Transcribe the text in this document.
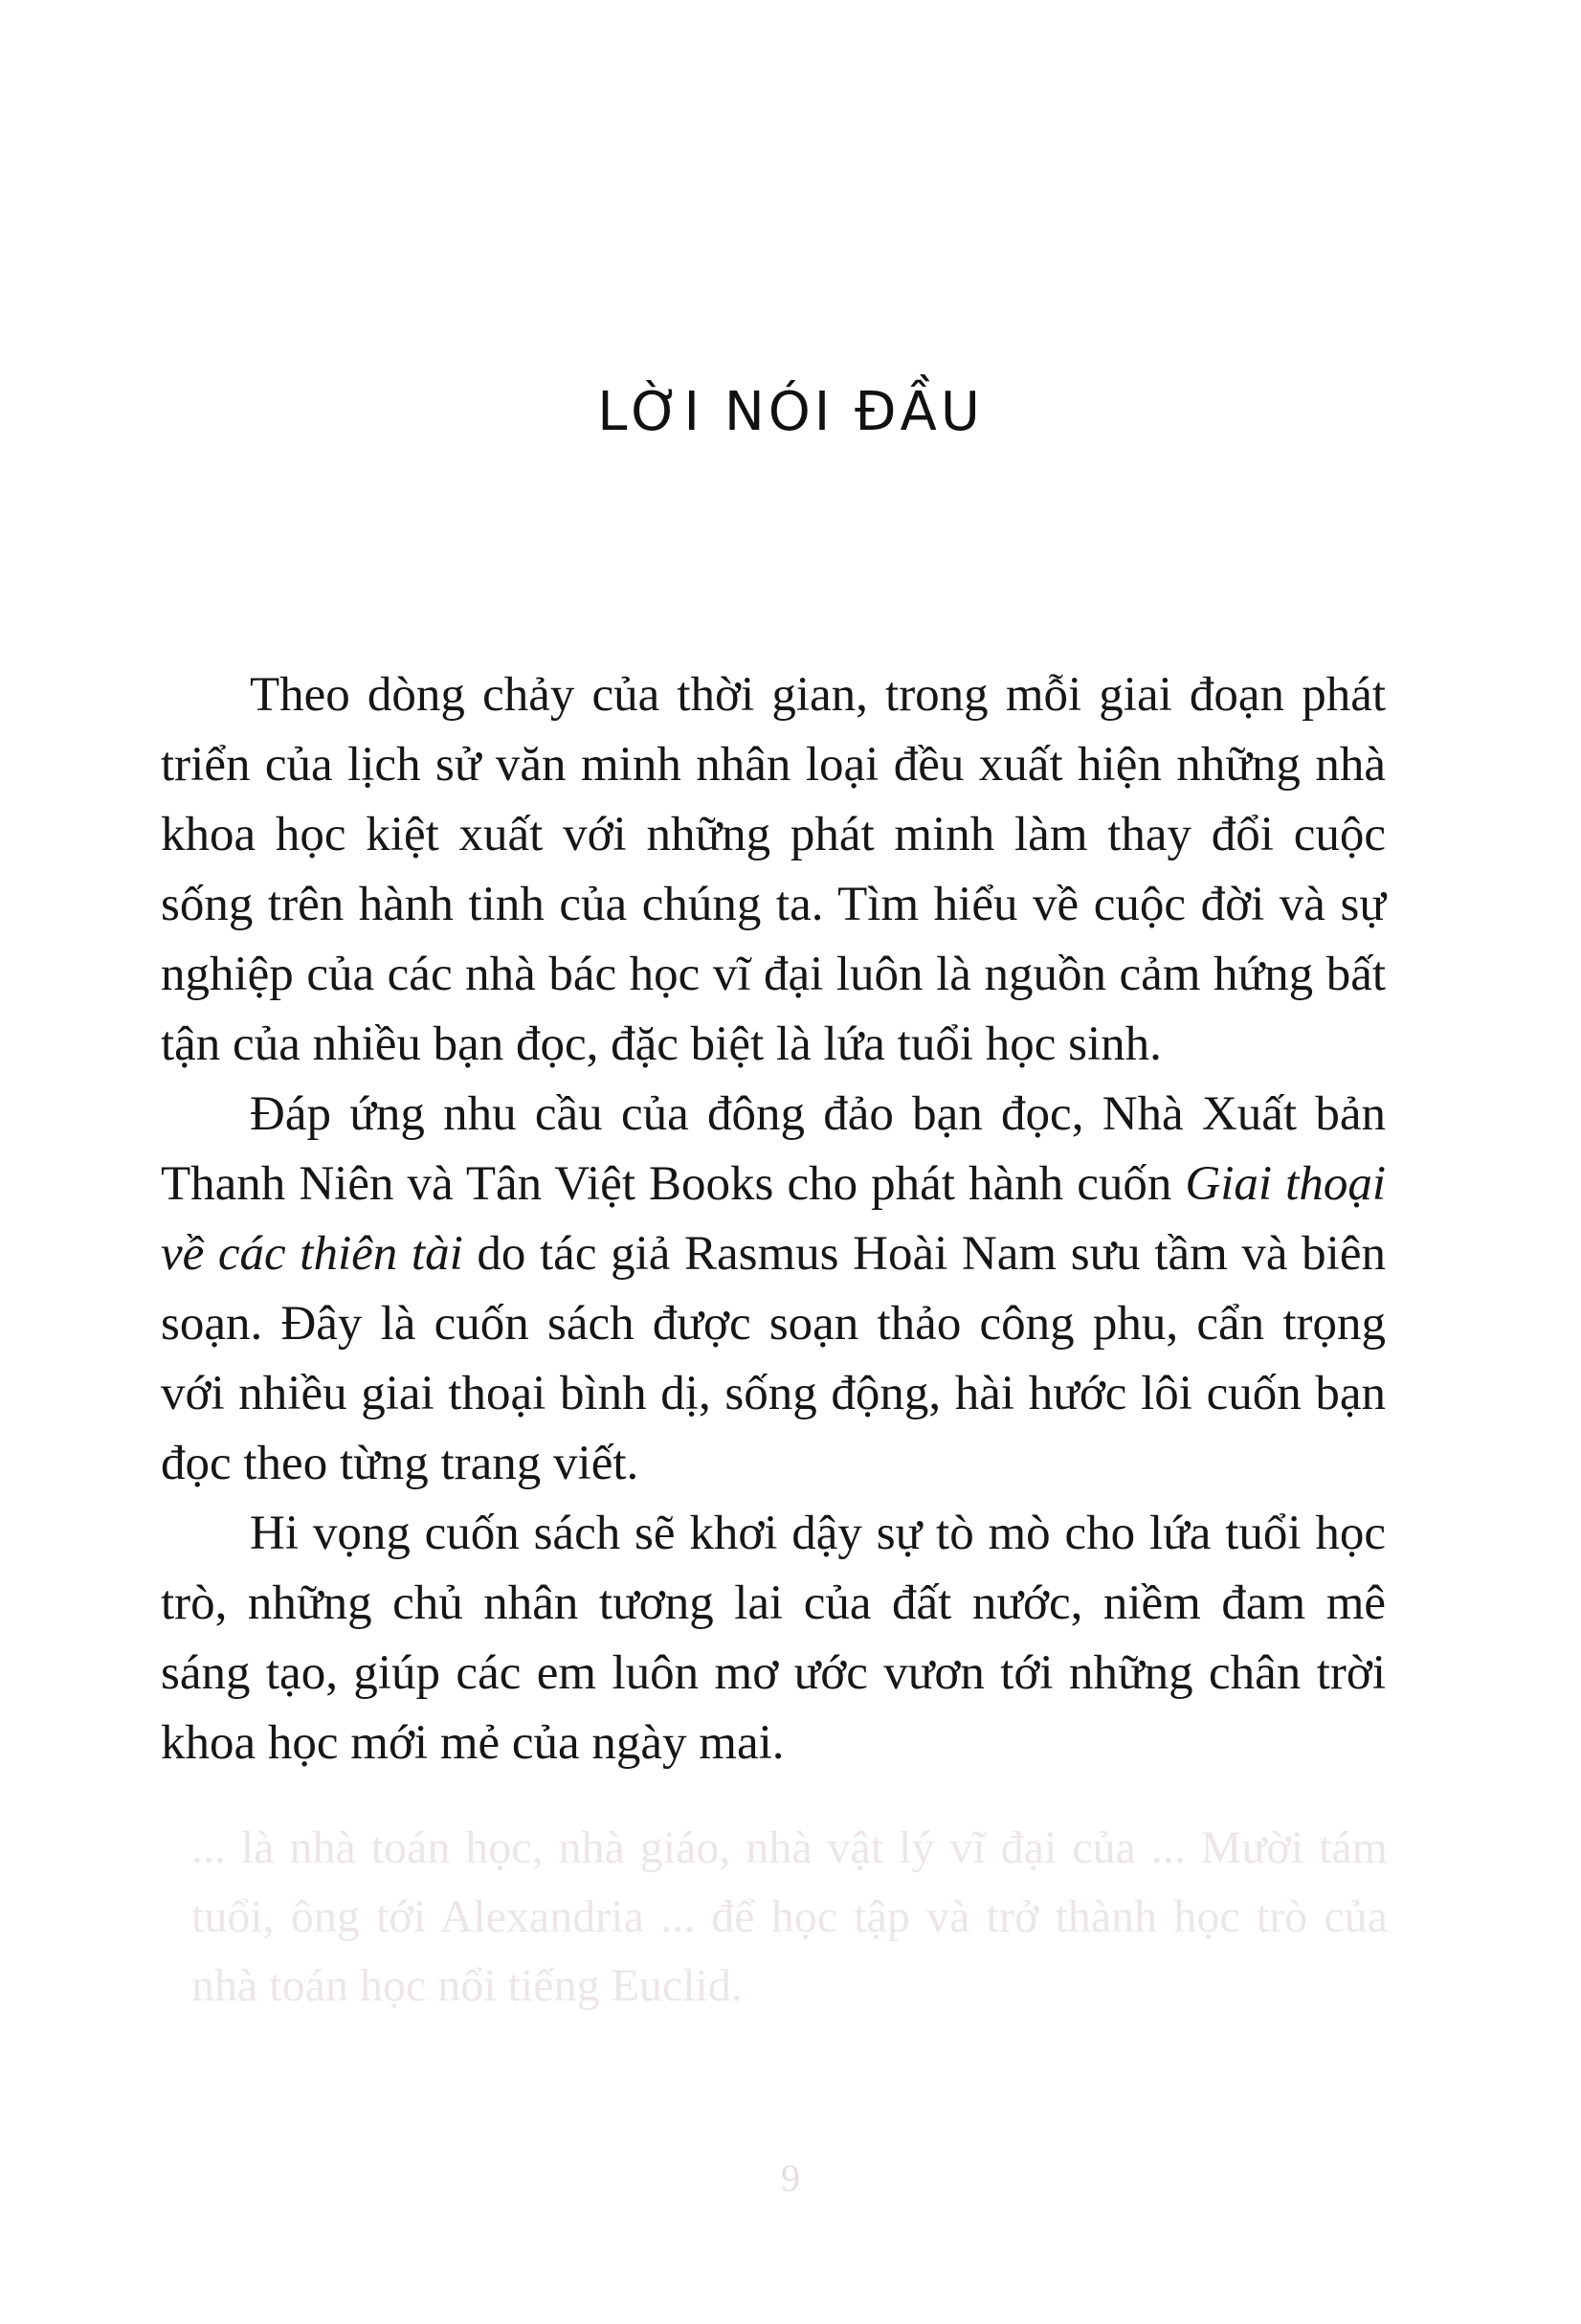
LỜI NÓI ĐẦU

Theo dòng chảy của thời gian, trong mỗi giai đoạn phát triển của lịch sử văn minh nhân loại đều xuất hiện những nhà khoa học kiệt xuất với những phát minh làm thay đổi cuộc sống trên hành tinh của chúng ta. Tìm hiểu về cuộc đời và sự nghiệp của các nhà bác học vĩ đại luôn là nguồn cảm hứng bất tận của nhiều bạn đọc, đặc biệt là lứa tuổi học sinh.

Đáp ứng nhu cầu của đông đảo bạn đọc, Nhà Xuất bản Thanh Niên và Tân Việt Books cho phát hành cuốn Giai thoại về các thiên tài do tác giả Rasmus Hoài Nam sưu tầm và biên soạn. Đây là cuốn sách được soạn thảo công phu, cẩn trọng với nhiều giai thoại bình dị, sống động, hài hước lôi cuốn bạn đọc theo từng trang viết.

Hi vọng cuốn sách sẽ khơi dậy sự tò mò cho lứa tuổi học trò, những chủ nhân tương lai của đất nước, niềm đam mê sáng tạo, giúp các em luôn mơ ước vươn tới những chân trời khoa học mới mẻ của ngày mai.

... là nhà toán học, nhà giáo, nhà vật lý vĩ đại của ... Mười tám tuổi, ông tới Alexandria ... để học tập và trở thành học trò của nhà toán học nổi tiếng Euclid.
9
